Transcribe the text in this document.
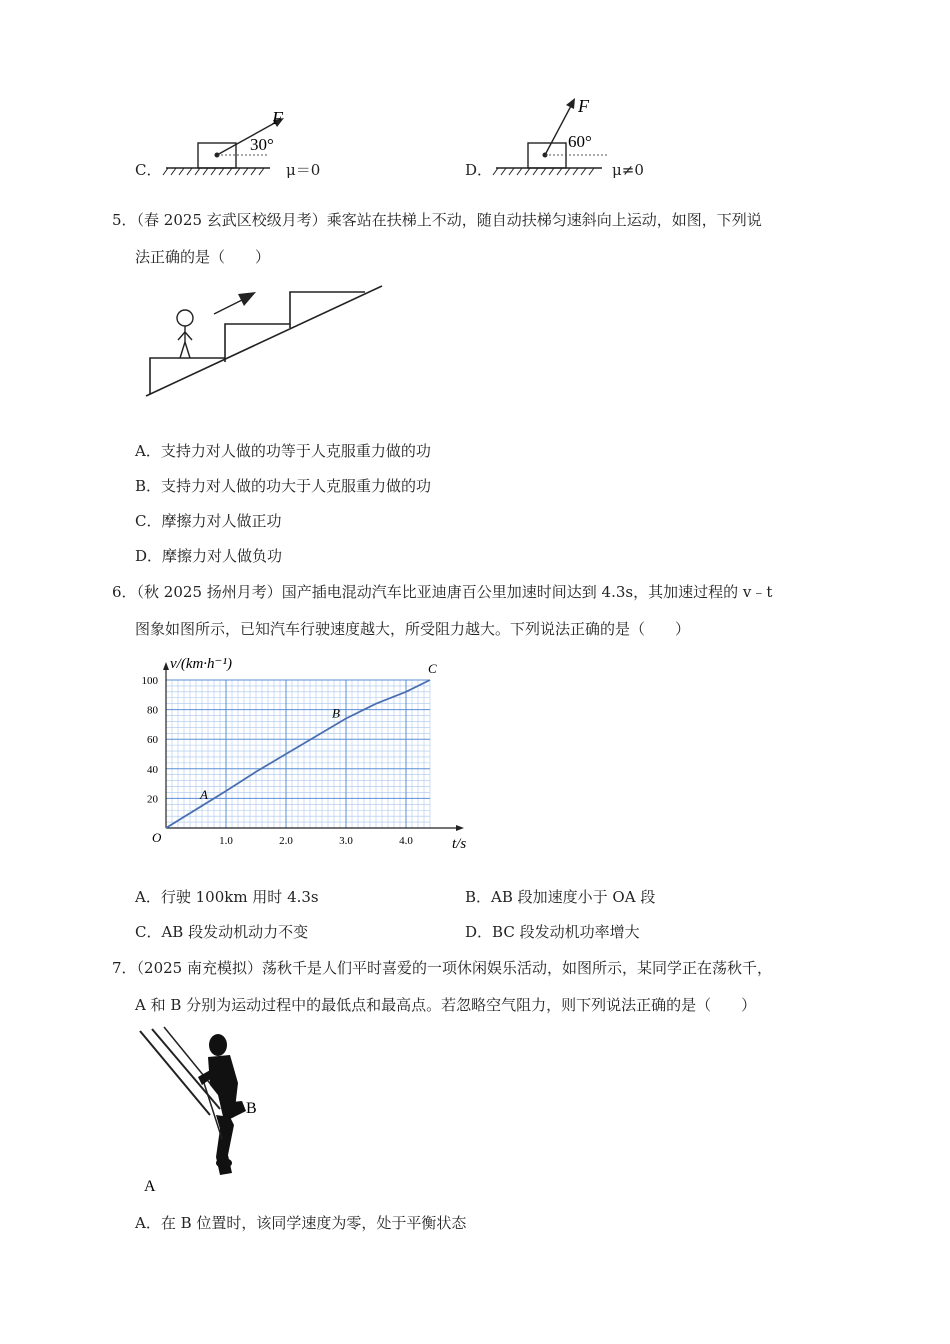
C．
F
30°
μ＝0	D．
F
60°
μ≠0
5．（春 2025 玄武区校级月考）乘客站在扶梯上不动，随自动扶梯匀速斜向上运动，如图，下列说
法正确的是（　　）
A．支持力对人做的功等于人克服重力做的功
B．支持力对人做的功大于人克服重力做的功
C．摩擦力对人做正功
D．摩擦力对人做负功
6．（秋 2025 扬州月考）国产插电混动汽车比亚迪唐百公里加速时间达到 4.3s，其加速过程的 v﹣t
图象如图所示，已知汽车行驶速度越大，所受阻力越大。下列说法正确的是（　　）
1.0	2.0	3.0	4.0
20
40
60
80
100
A
B
C
v/(km·h⁻¹)
t/s
O
A．行驶 100km 用时 4.3s	B．AB 段加速度小于 OA 段
C．AB 段发动机动力不变	D．BC 段发动机功率增大
7．（2025 南充模拟）荡秋千是人们平时喜爱的一项休闲娱乐活动，如图所示，某同学正在荡秋千，
A 和 B 分别为运动过程中的最低点和最高点。若忽略空气阻力，则下列说法正确的是（　　）
B
A
A．在 B 位置时，该同学速度为零，处于平衡状态
